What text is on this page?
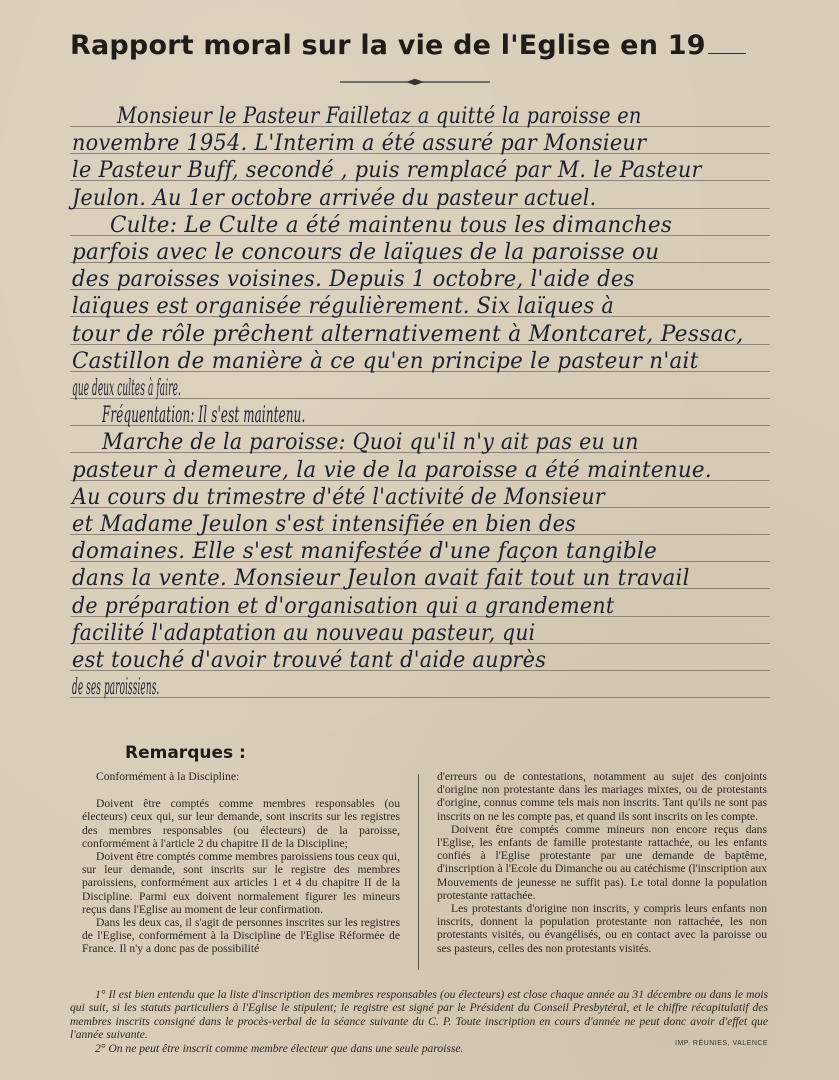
Rapport moral sur la vie de l'Eglise en 19
Monsieur le Pasteur Failletaz a quitté la paroisse en
novembre 1954. L'Interim a été assuré par Monsieur
le Pasteur Buff, secondé , puis remplacé par M. le Pasteur
Jeulon. Au 1er octobre arrivée du pasteur actuel.
Culte: Le Culte a été maintenu tous les dimanches
parfois avec le concours de laïques de la paroisse ou
des paroisses voisines. Depuis 1 octobre, l'aide des
laïques est organisée régulièrement. Six laïques à
tour de rôle prêchent alternativement à Montcaret, Pessac,
Castillon de manière à ce qu'en principe le pasteur n'ait
que deux cultes à faire.
Fréquentation: Il s'est maintenu.
Marche de la paroisse: Quoi qu'il n'y ait pas eu un
pasteur à demeure, la vie de la paroisse a été maintenue.
Au cours du trimestre d'été l'activité de Monsieur
et Madame Jeulon s'est intensifiée en bien des
domaines. Elle s'est manifestée d'une façon tangible
dans la vente. Monsieur Jeulon avait fait tout un travail
de préparation et d'organisation qui a grandement
facilité l'adaptation au nouveau pasteur, qui
est touché d'avoir trouvé tant d'aide auprès
de ses paroissiens.
Remarques :

Conformément à la Discipline:

Doivent être comptés comme membres responsables (ou électeurs) ceux qui, sur leur demande, sont inscrits sur les registres des membres responsables (ou électeurs) de la paroisse, conformément à l'article 2 du chapitre II de la Discipline;

Doivent être comptés comme membres paroissiens tous ceux qui, sur leur demande, sont inscrits sur le registre des membres paroissiens, conformément aux articles 1 et 4 du chapitre II de la Discipline. Parmi eux doivent normalement figurer les mineurs reçus dans l'Eglise au moment de leur confirmation.

Dans les deux cas, il s'agit de personnes inscrites sur les registres de l'Eglise, conformément à la Discipline de l'Eglise Réformée de France. Il n'y a donc pas de possibilité

d'erreurs ou de contestations, notamment au sujet des conjoints d'origine non protestante dans les mariages mixtes, ou de protestants d'origine, connus comme tels mais non inscrits. Tant qu'ils ne sont pas inscrits on ne les compte pas, et quand ils sont inscrits on les compte.

Doivent être comptés comme mineurs non encore reçus dans l'Eglise, les enfants de famille protestante rattachée, ou les enfants confiés à l'Eglise protestante par une demande de baptême, d'inscription à l'Ecole du Dimanche ou au catéchisme (l'inscription aux Mouvements de jeunesse ne suffit pas). Le total donne la population protestante rattachée.

Les protestants d'origine non inscrits, y compris leurs enfants non inscrits, donnent la population protestante non rattachée, les non protestants visités, ou évangélisés, ou en contact avec la paroisse ou ses pasteurs, celles des non protestants visités.

1° Il est bien entendu que la liste d'inscription des membres responsables (ou électeurs) est close chaque année au 31 décembre ou dans le mois qui suit, si les statuts particuliers à l'Eglise le stipulent; le registre est signé par le Président du Conseil Presbytéral, et le chiffre récapitulatif des membres inscrits consigné dans le procès-verbal de la séance suivante du C. P. Toute inscription en cours d'année ne peut donc avoir d'effet que l'année suivante.

2° On ne peut être inscrit comme membre électeur que dans une seule paroisse.	IMP. RÉUNIES, VALENCE
